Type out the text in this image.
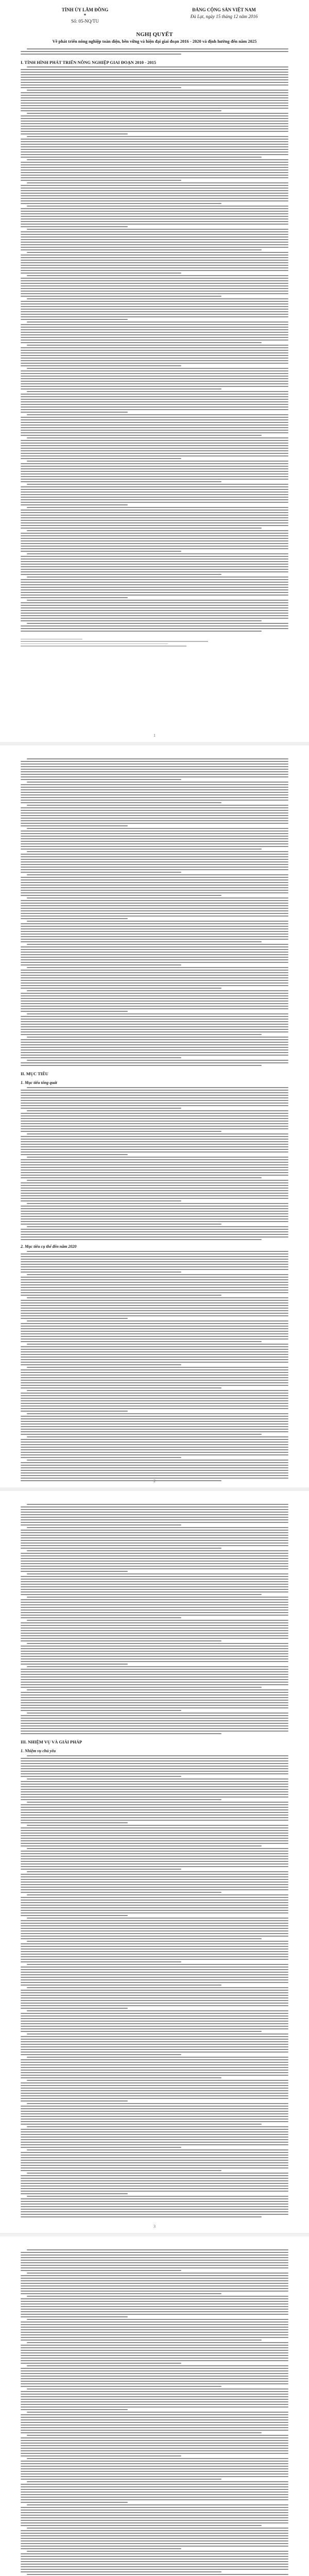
TỈNH ỦY LÂM ĐỒNG
*
Số: 05-NQ/TU
ĐẢNG CỘNG SẢN VIỆT NAM
Đà Lạt, ngày 15 tháng 12 năm 2016
NGHỊ QUYẾT
Về phát triển nông nghiệp toàn diện, bền vững và hiện đại giai đoạn 2016 - 2020 và định hướng đến năm 2025
I. TÌNH HÌNH PHÁT TRIỂN NÔNG NGHIỆP GIAI ĐOẠN 2010 - 2015
1
II. MỤC TIÊU
1. Mục tiêu tổng quát
2. Mục tiêu cụ thể đến năm 2020
2
III. NHIỆM VỤ VÀ GIẢI PHÁP
1. Nhiệm vụ chủ yếu
3
